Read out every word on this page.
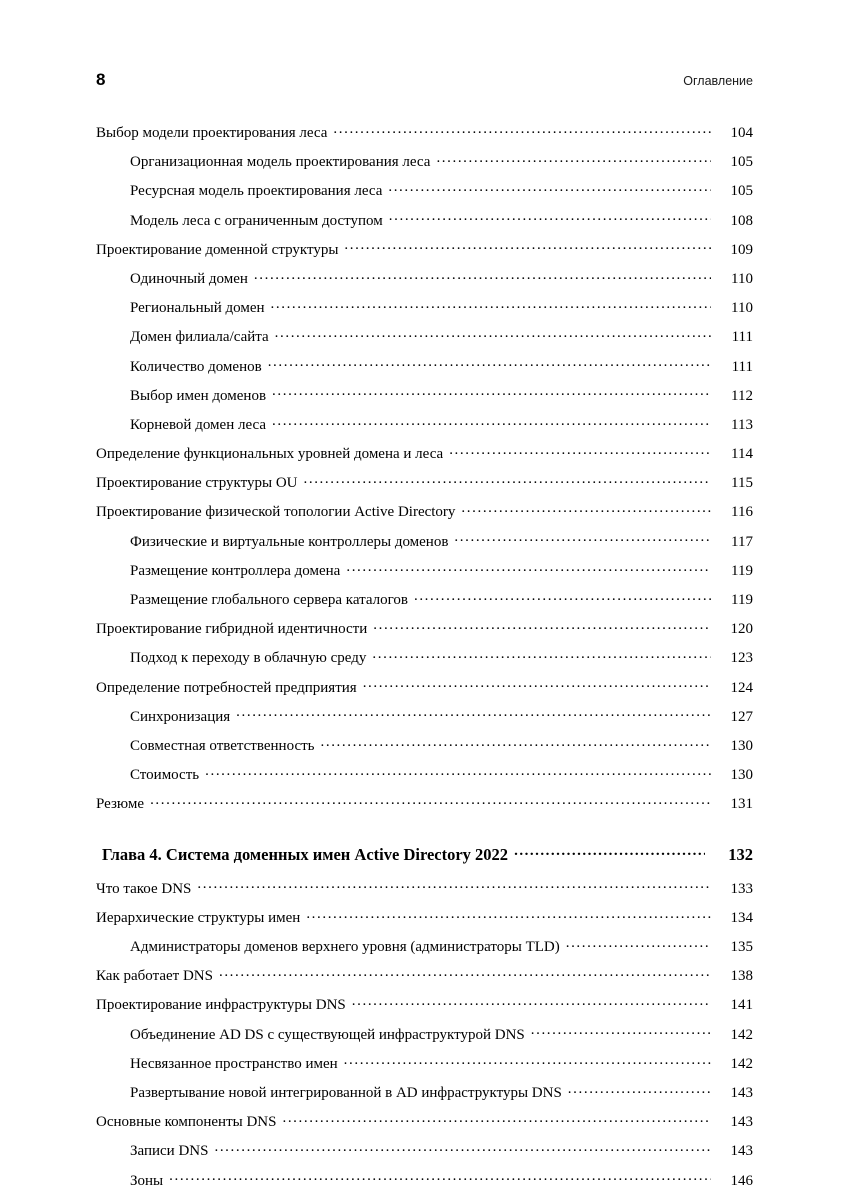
8	Оглавление
Выбор модели проектирования леса .....	104
Организационная модель проектирования леса .....	105
Ресурсная модель проектирования леса .....	105
Модель леса с ограниченным доступом .....	108
Проектирование доменной структуры .....	109
Одиночный домен .....	110
Региональный домен .....	110
Домен филиала/сайта .....	111
Количество доменов .....	111
Выбор имен доменов .....	112
Корневой домен леса .....	113
Определение функциональных уровней домена и леса .....	114
Проектирование структуры OU .....	115
Проектирование физической топологии Active Directory .....	116
Физические и виртуальные контроллеры доменов .....	117
Размещение контроллера домена .....	119
Размещение глобального сервера каталогов .....	119
Проектирование гибридной идентичности .....	120
Подход к переходу в облачную среду .....	123
Определение потребностей предприятия .....	124
Синхронизация .....	127
Совместная ответственность .....	130
Стоимость .....	130
Резюме .....	131
Глава 4. Система доменных имен Active Directory 2022 .....	132
Что такое DNS .....	133
Иерархические структуры имен .....	134
Администраторы доменов верхнего уровня (администраторы TLD) .....	135
Как работает DNS .....	138
Проектирование инфраструктуры DNS .....	141
Объединение AD DS с существующей инфраструктурой DNS .....	142
Несвязанное пространство имен .....	142
Развертывание новой интегрированной в AD инфраструктуры DNS .....	143
Основные компоненты DNS .....	143
Записи DNS .....	143
Зоны .....	146
